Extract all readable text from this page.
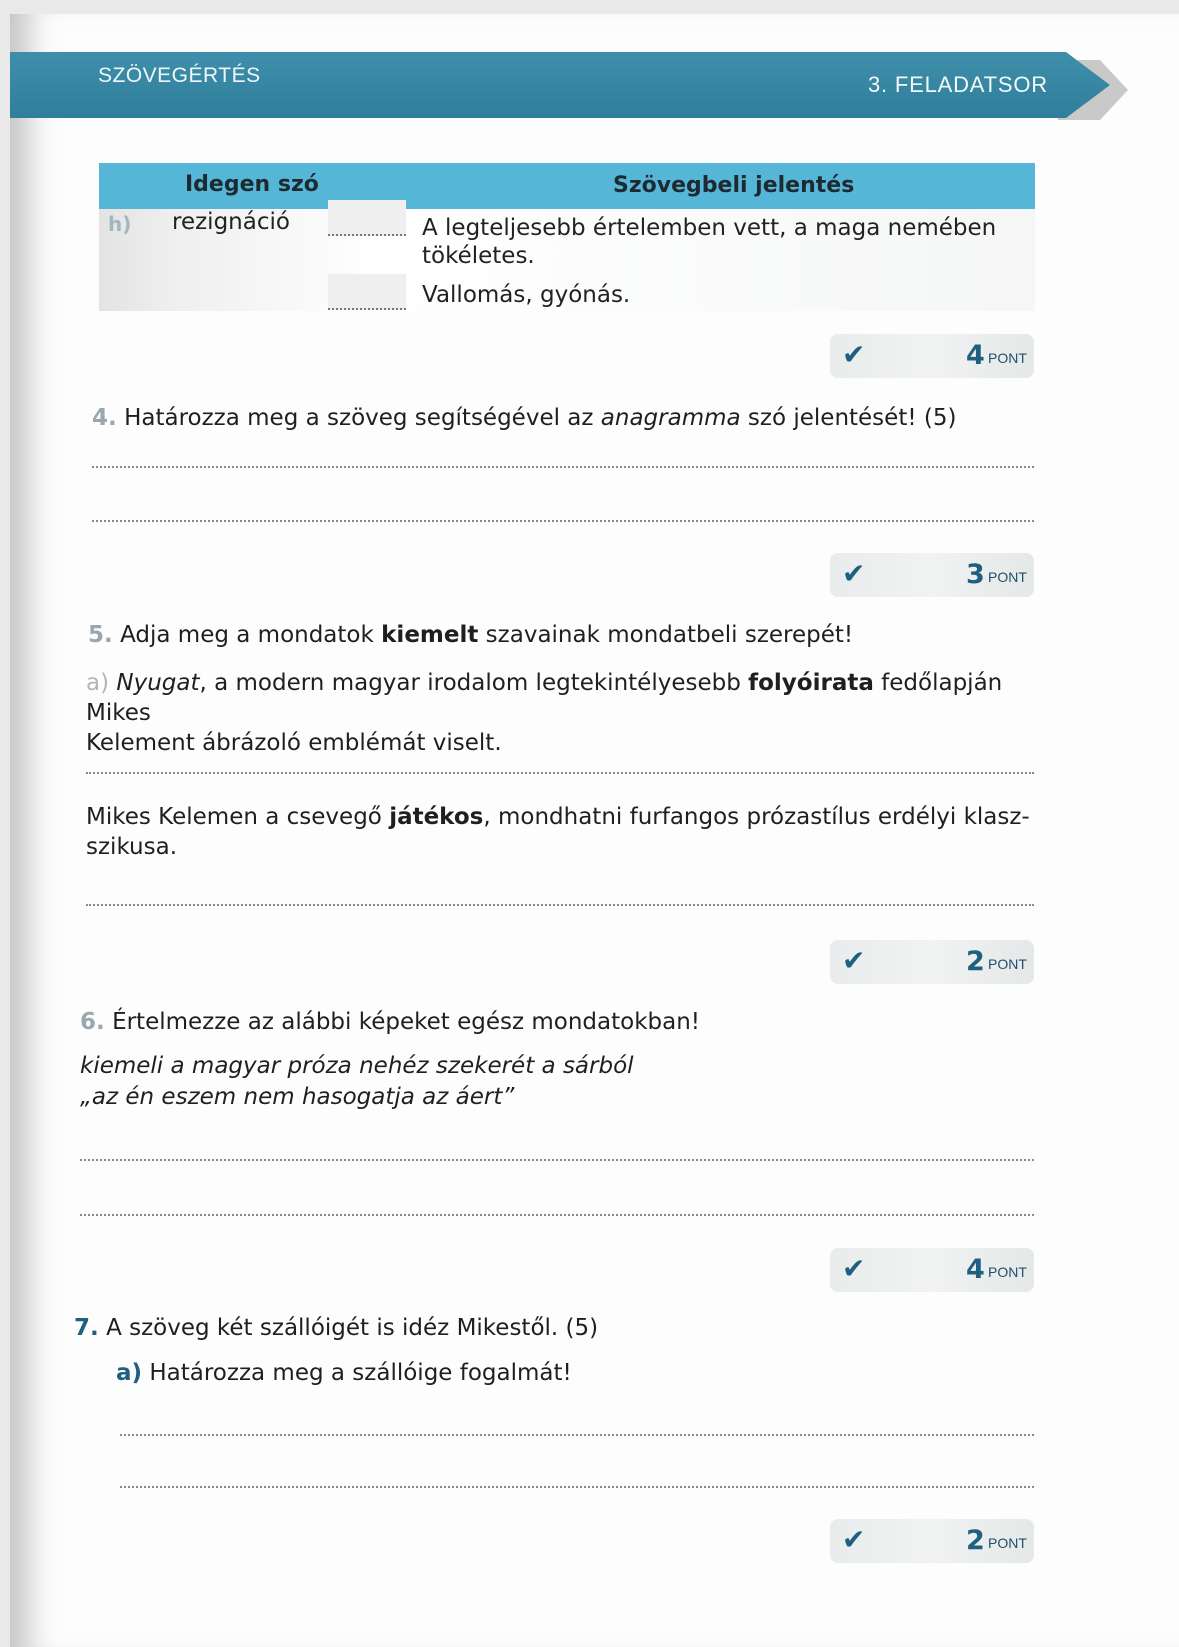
SZÖVEGÉRTÉS	3. FELADATSOR
Idegen szó	Szövegbeli jelentés
h) rezignáció	A legteljesebb értelemben vett, a maga nemében tökéletes.
Vallomás, gyónás.
✔	4 PONT
4. Határozza meg a szöveg segítségével az anagramma szó jelentését! (5)
✔	3 PONT
5. Adja meg a mondatok kiemelt szavainak mondatbeli szerepét!
a) Nyugat, a modern magyar irodalom legtekintélyesebb folyóirata fedőlapján Mikes
Kelement ábrázoló emblémát viselt.
Mikes Kelemen a csevegő játékos, mondhatni furfangos prózastílus erdélyi klasz-
szikusa.
✔	2 PONT
6. Értelmezze az alábbi képeket egész mondatokban!
kiemeli a magyar próza nehéz szekerét a sárból
„az én eszem nem hasogatja az áert”
✔	4 PONT
7. A szöveg két szállóigét is idéz Mikestől. (5)
a) Határozza meg a szállóige fogalmát!
✔	2 PONT
